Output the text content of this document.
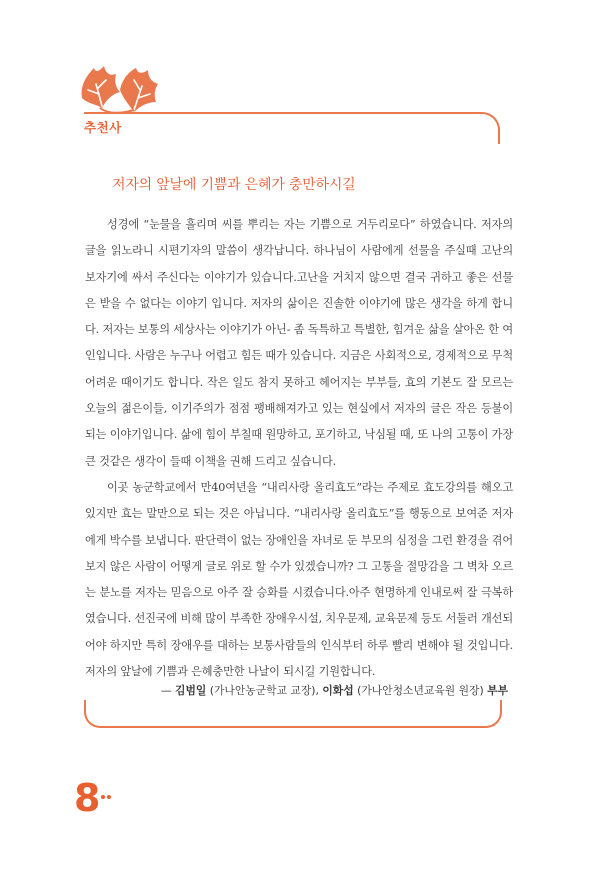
추천사
저자의 앞날에 기쁨과 은혜가 충만하시길

성경에 “눈물을 흘리며 씨를 뿌리는 자는 기쁨으로 거두리로다” 하였습니다. 저자의 글을 읽노라니 시편기자의 말씀이 생각납니다. 하나님이 사람에게 선물을 주실때 고난의 보자기에 싸서 주신다는 이야기가 있습니다.고난을 거치지 않으면 결국 귀하고 좋은 선물은 받을 수 없다는 이야기 입니다. 저자의 삶이은 진솔한 이야기에 많은 생각을 하게 합니다. 저자는 보통의 세상사는 이야기가 아닌- 좀 독특하고 특별한, 힘겨운 삶을 살아온 한 여인입니다. 사람은 누구나 어렵고 힘든 때가 있습니다. 지금은 사회적으로, 경제적으로 무척 어려운 때이기도 합니다. 작은 일도 참지 못하고 헤어지는 부부들, 효의 기본도 잘 모르는 오늘의 젊은이들, 이기주의가 점점 팽배해져가고 있는 현실에서 저자의 글은 작은 등불이 되는 이야기입니다. 삶에 힘이 부칠때 원망하고, 포기하고, 낙심될 때, 또 나의 고통이 가장 큰 것같은 생각이 들때 이책을 권해 드리고 싶습니다.

이곳 농군학교에서 만40여년을 “내리사랑 올리효도”라는 주제로 효도강의를 해오고 있지만 효는 말만으로 되는 것은 아닙니다. “내리사랑 올리효도”를 행동으로 보여준 저자에게 박수를 보냅니다. 판단력이 없는 장애인을 자녀로 둔 부모의 심정을 그런 환경을 겪어보지 않은 사람이 어떻게 글로 위로 할 수가 있겠습니까? 그 고통을 절망감을 그 벽차 오르는 분노를 저자는 믿음으로 아주 잘 승화를 시켰습니다.아주 현명하게 인내로써 잘 극복하였습니다. 선진국에 비해 많이 부족한 장애우시설, 치우문제, 교육문제 등도 서둘러 개선되어야 하지만 특히 장애우를 대하는 보통사람들의 인식부터 하루 빨리 변해야 될 것입니다. 저자의 앞날에 기쁨과 은혜충만한 나날이 되시길 기원합니다.

— 김범일 (가나안농군학교 교장), 이화섭 (가나안청소년교육원 원장) 부부
8
